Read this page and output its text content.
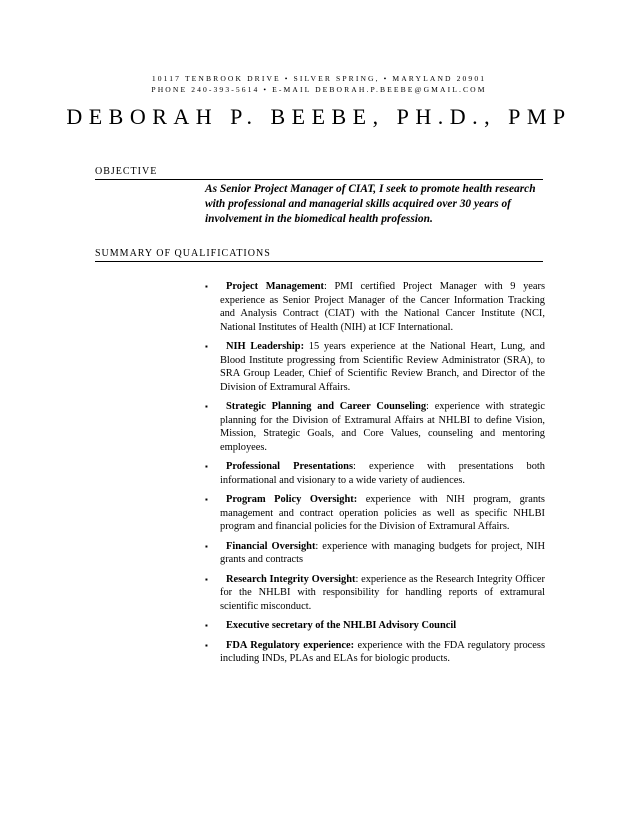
10117 TENBROOK DRIVE • SILVER SPRING, • MARYLAND 20901
PHONE 240-393-5614 • E-MAIL DEBORAH.P.BEEBE@GMAIL.COM
DEBORAH P. BEEBE, PH.D., PMP
OBJECTIVE
As Senior Project Manager of CIAT, I seek to promote health research with professional and managerial skills acquired over 30 years of involvement in the biomedical health profession.
SUMMARY OF QUALIFICATIONS
▪ Project Management: PMI certified Project Manager with 9 years experience as Senior Project Manager of the Cancer Information Tracking and Analysis Contract (CIAT) with the National Cancer Institute (NCI, National Institutes of Health (NIH) at ICF International.
▪ NIH Leadership: 15 years experience at the National Heart, Lung, and Blood Institute progressing from Scientific Review Administrator (SRA), to SRA Group Leader, Chief of Scientific Review Branch, and Director of the Division of Extramural Affairs.
▪ Strategic Planning and Career Counseling: experience with strategic planning for the Division of Extramural Affairs at NHLBI to define Vision, Mission, Strategic Goals, and Core Values, counseling and mentoring employees.
▪ Professional Presentations: experience with presentations both informational and visionary to a wide variety of audiences.
▪ Program Policy Oversight: experience with NIH program, grants management and contract operation policies as well as specific NHLBI program and financial policies for the Division of Extramural Affairs.
▪ Financial Oversight: experience with managing budgets for project, NIH grants and contracts
▪ Research Integrity Oversight: experience as the Research Integrity Officer for the NHLBI with responsibility for handling reports of extramural scientific misconduct.
▪ Executive secretary of the NHLBI Advisory Council
▪ FDA Regulatory experience: experience with the FDA regulatory process including INDs, PLAs and ELAs for biologic products.
